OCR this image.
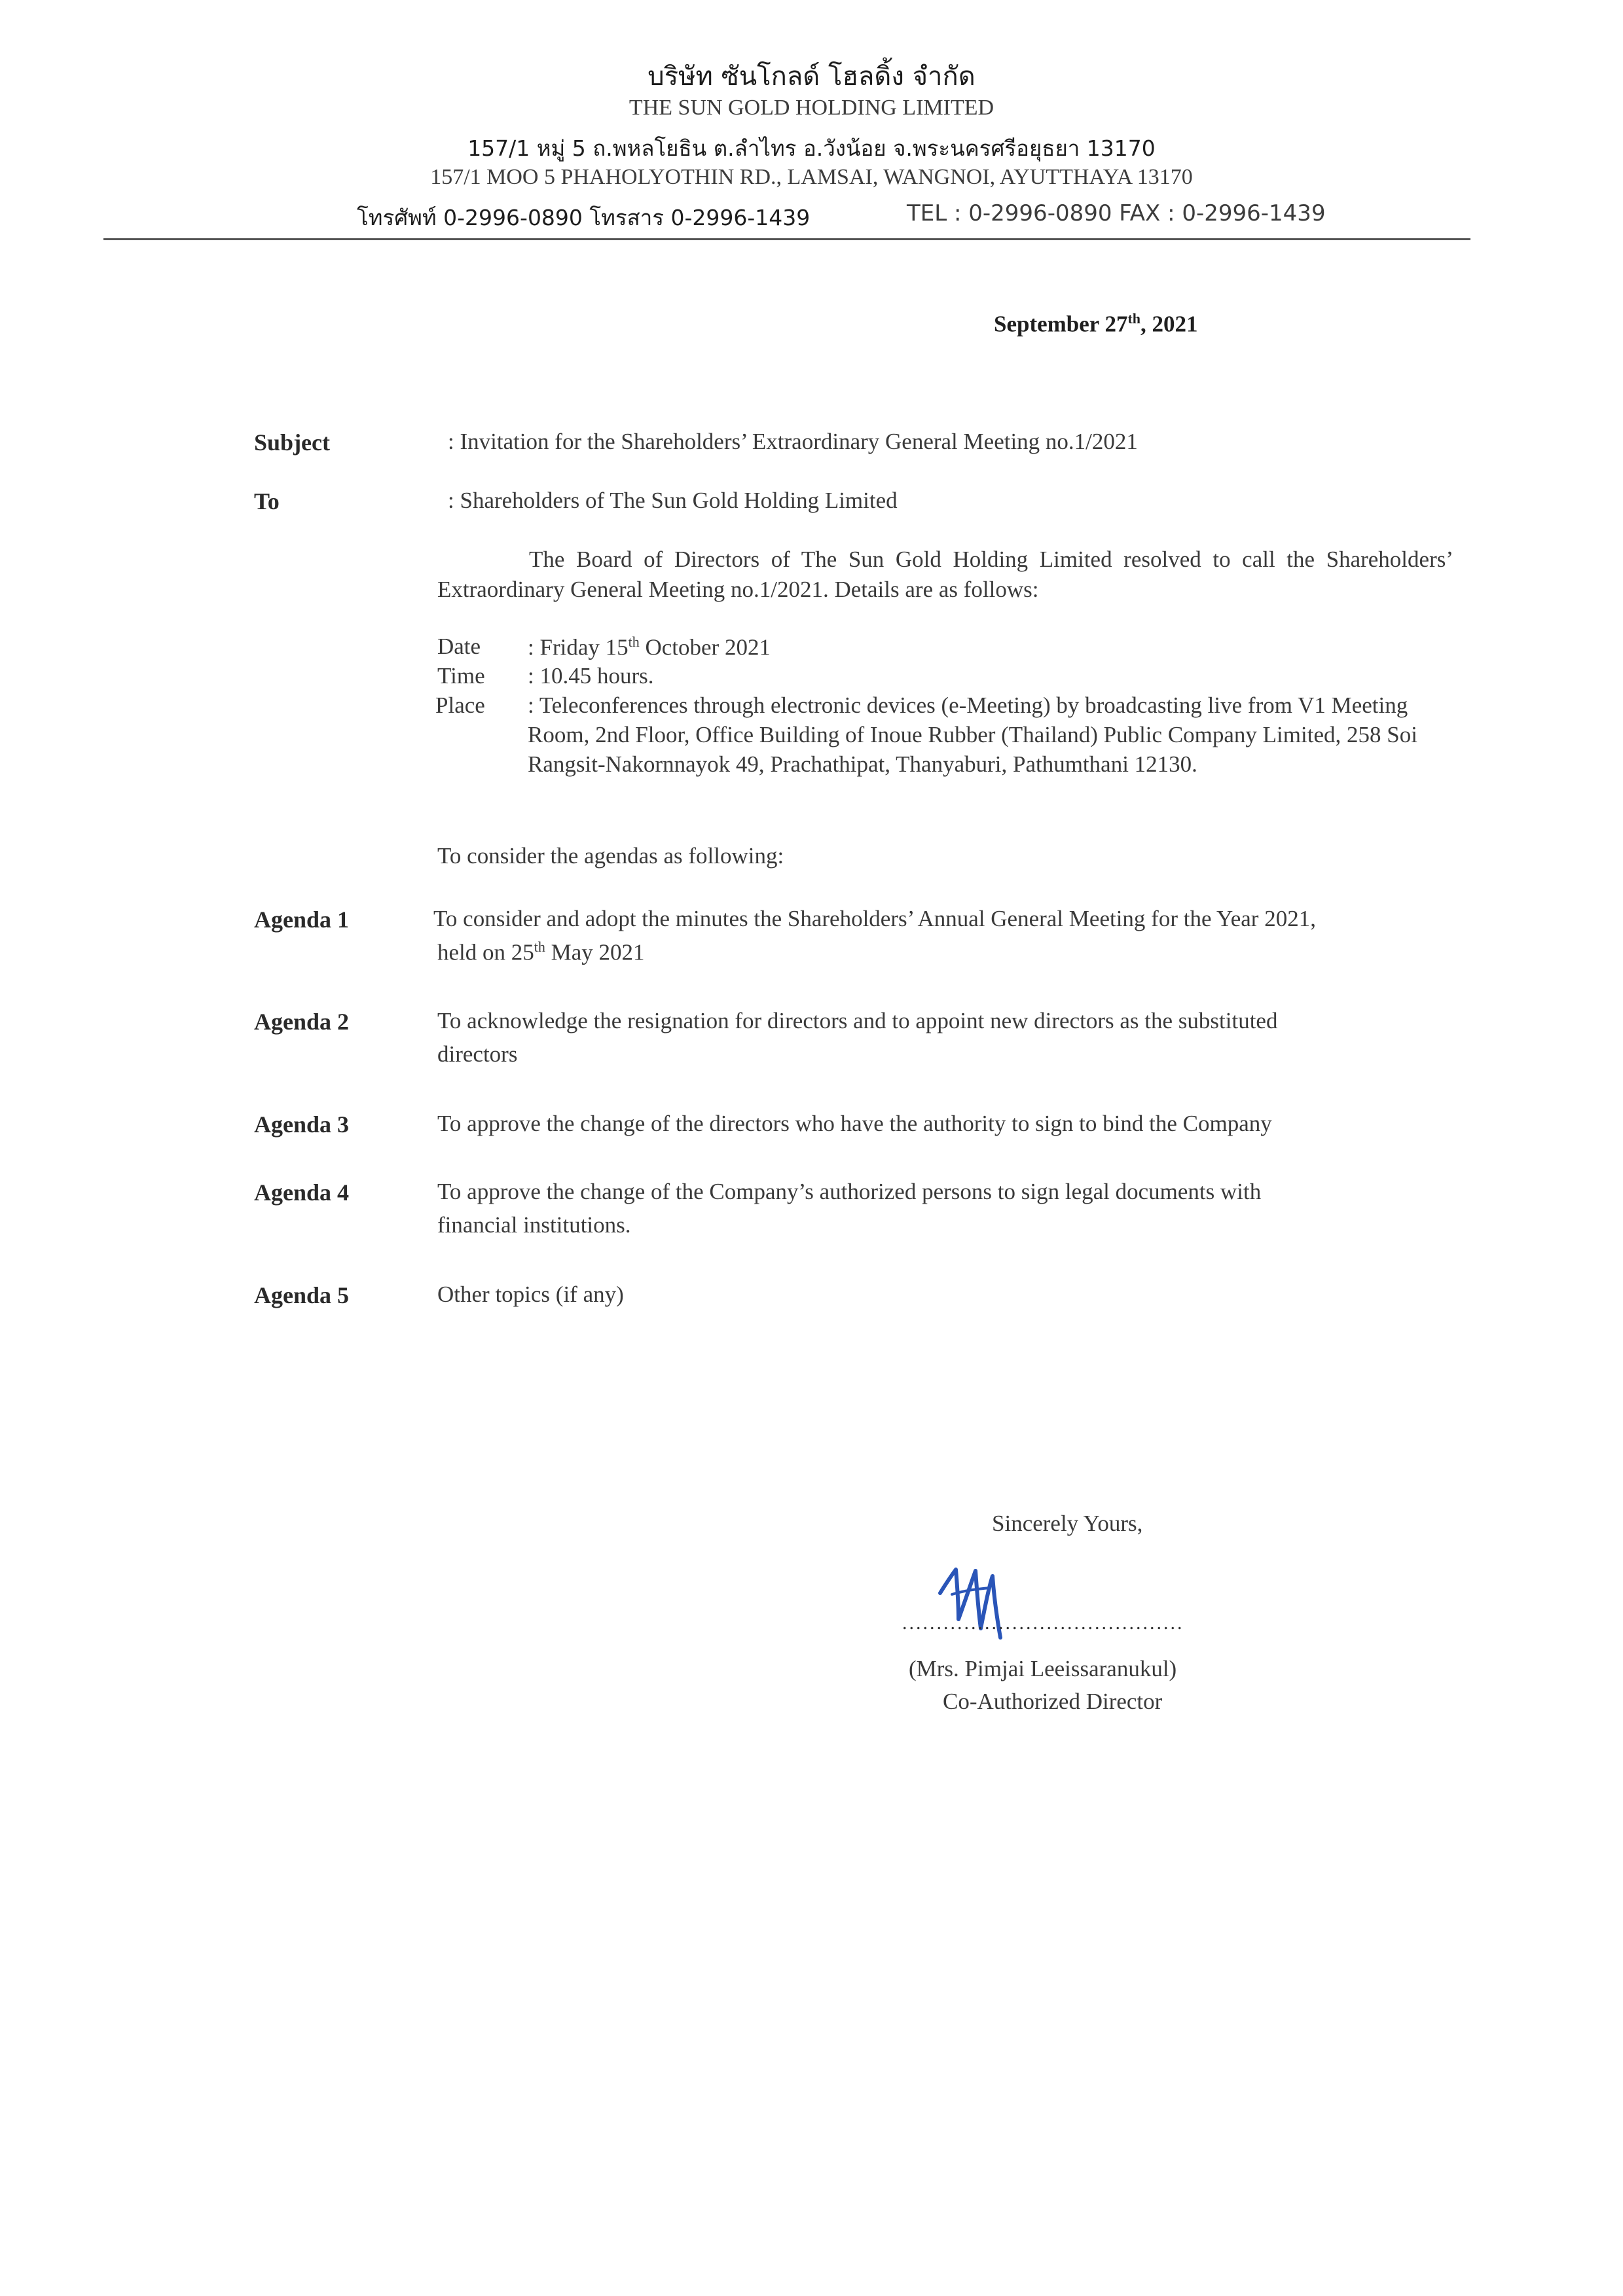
บริษัท ซันโกลด์ โฮลดิ้ง จำกัด
THE SUN GOLD HOLDING LIMITED
157/1 หมู่ 5 ถ.พหลโยธิน ต.ลำไทร อ.วังน้อย จ.พระนครศรีอยุธยา 13170
157/1 MOO 5 PHAHOLYOTHIN RD., LAMSAI, WANGNOI, AYUTTHAYA 13170
โทรศัพท์ 0-2996-0890 โทรสาร 0-2996-1439	TEL : 0-2996-0890 FAX : 0-2996-1439
September 27th, 2021
Subject	: Invitation for the Shareholders’ Extraordinary General Meeting no.1/2021
To	: Shareholders of The Sun Gold Holding Limited
The Board of Directors of The Sun Gold Holding Limited resolved to call the Shareholders’ Extraordinary General Meeting no.1/2021. Details are as follows:
Date : Friday 15th October 2021
Time : 10.45 hours.
Place : Teleconferences through electronic devices (e-Meeting) by broadcasting live from V1 Meeting Room, 2nd Floor, Office Building of Inoue Rubber (Thailand) Public Company Limited, 258 Soi Rangsit-Nakornnayok 49, Prachathipat, Thanyaburi, Pathumthani 12130.
To consider the agendas as following:
Agenda 1	To consider and adopt the minutes the Shareholders’ Annual General Meeting for the Year 2021,
held on 25th May 2021
Agenda 2	To acknowledge the resignation for directors and to appoint new directors as the substituted
directors
Agenda 3	To approve the change of the directors who have the authority to sign to bind the Company
Agenda 4	To approve the change of the Company’s authorized persons to sign legal documents with
financial institutions.
Agenda 5	Other topics (if any)
Sincerely Yours,
.........................................
(Mrs. Pimjai Leeissaranukul)
Co-Authorized Director
